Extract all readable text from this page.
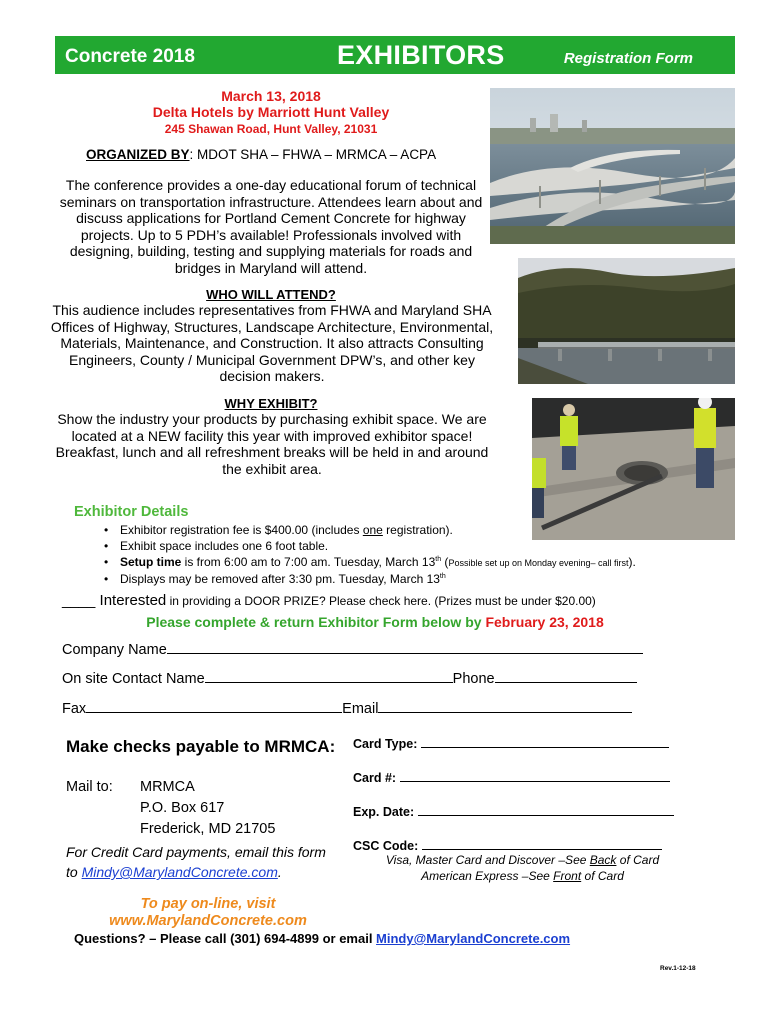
Concrete 2018	EXHIBITORS	Registration Form
March 13, 2018
Delta Hotels by Marriott Hunt Valley
245 Shawan Road, Hunt Valley, 21031
ORGANIZED BY: MDOT SHA – FHWA – MRMCA – ACPA
The conference provides a one-day educational forum of technical seminars on transportation infrastructure. Attendees learn about and discuss applications for Portland Cement Concrete for highway projects. Up to 5 PDH’s available! Professionals involved with designing, building, testing and supplying materials for roads and bridges in Maryland will attend.
WHO WILL ATTEND?
This audience includes representatives from FHWA and Maryland SHA Offices of Highway, Structures, Landscape Architecture, Environmental, Materials, Maintenance, and Construction. It also attracts Consulting Engineers, County / Municipal Government DPW’s, and other key decision makers.
WHY EXHIBIT?
Show the industry your products by purchasing exhibit space. We are located at a NEW facility this year with improved exhibitor space! Breakfast, lunch and all refreshment breaks will be held in and around the exhibit area.
Exhibitor Details
• Exhibitor registration fee is $400.00 (includes one registration).
• Exhibit space includes one 6 foot table.
• Setup time is from 6:00 am to 7:00 am. Tuesday, March 13th (Possible set up on Monday evening– call first).
• Displays may be removed after 3:30 pm. Tuesday, March 13th
____ Interested in providing a DOOR PRIZE? Please check here. (Prizes must be under $20.00)
Please complete & return Exhibitor Form below by February 23, 2018
Company Name
On site Contact Name	Phone
Fax	Email
Make checks payable to MRMCA:
Mail to: MRMCA
P.O. Box 617
Frederick, MD 21705
For Credit Card payments, email this form to Mindy@MarylandConcrete.com.
Card Type:
Card #:
Exp. Date:
CSC Code:
Visa, Master Card and Discover –See Back of Card
American Express –See Front of Card
To pay on-line, visit
www.MarylandConcrete.com
Questions? – Please call (301) 694-4899 or email Mindy@MarylandConcrete.com
Rev.1-12-18
